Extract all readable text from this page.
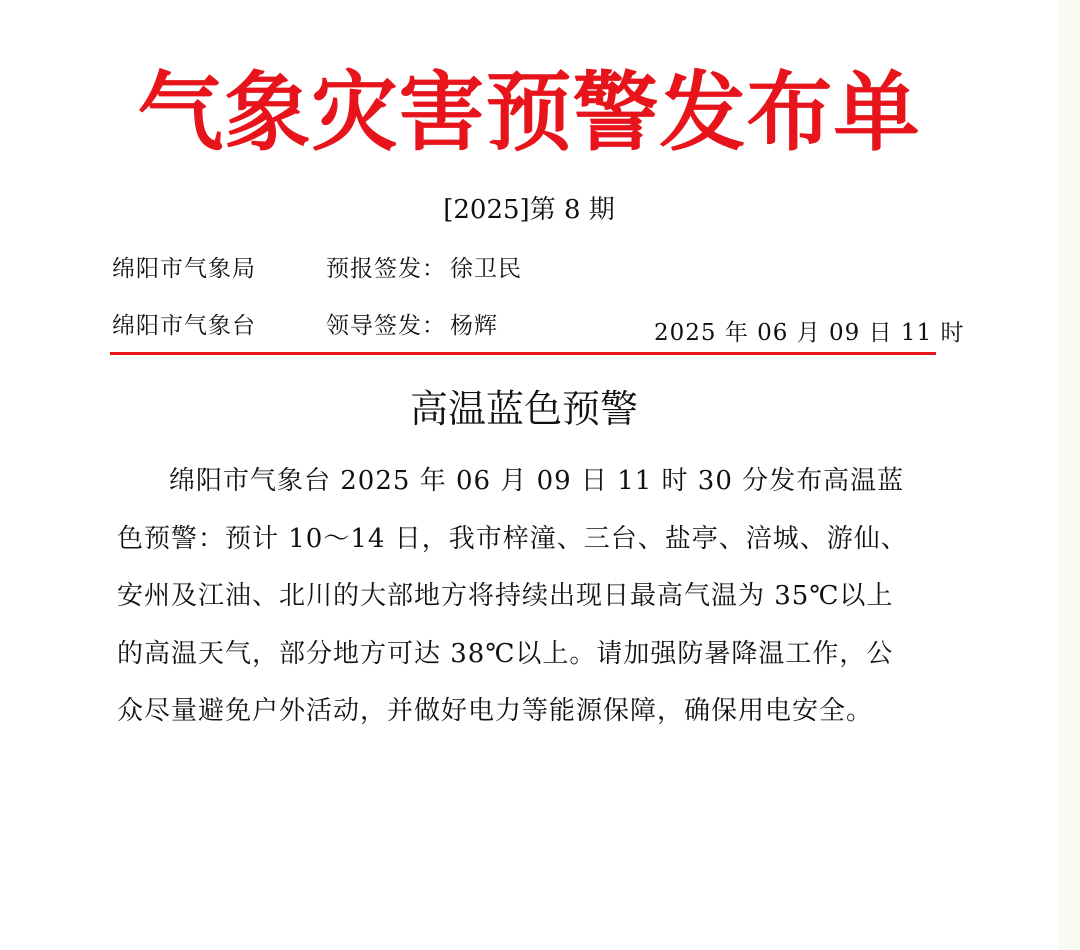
气象灾害预警发布单
[2025]第 8 期
绵阳市气象局	预报签发： 徐卫民
绵阳市气象台	领导签发： 杨辉	2025 年 06 月 09 日 11 时
高温蓝色预警

绵阳市气象台 2025 年 06 月 09 日 11 时 30 分发布高温蓝色预警：预计 10～14 日，我市梓潼、三台、盐亭、涪城、游仙、安州及江油、北川的大部地方将持续出现日最高气温为 35℃以上的高温天气，部分地方可达 38℃以上。请加强防暑降温工作，公众尽量避免户外活动，并做好电力等能源保障，确保用电安全。
